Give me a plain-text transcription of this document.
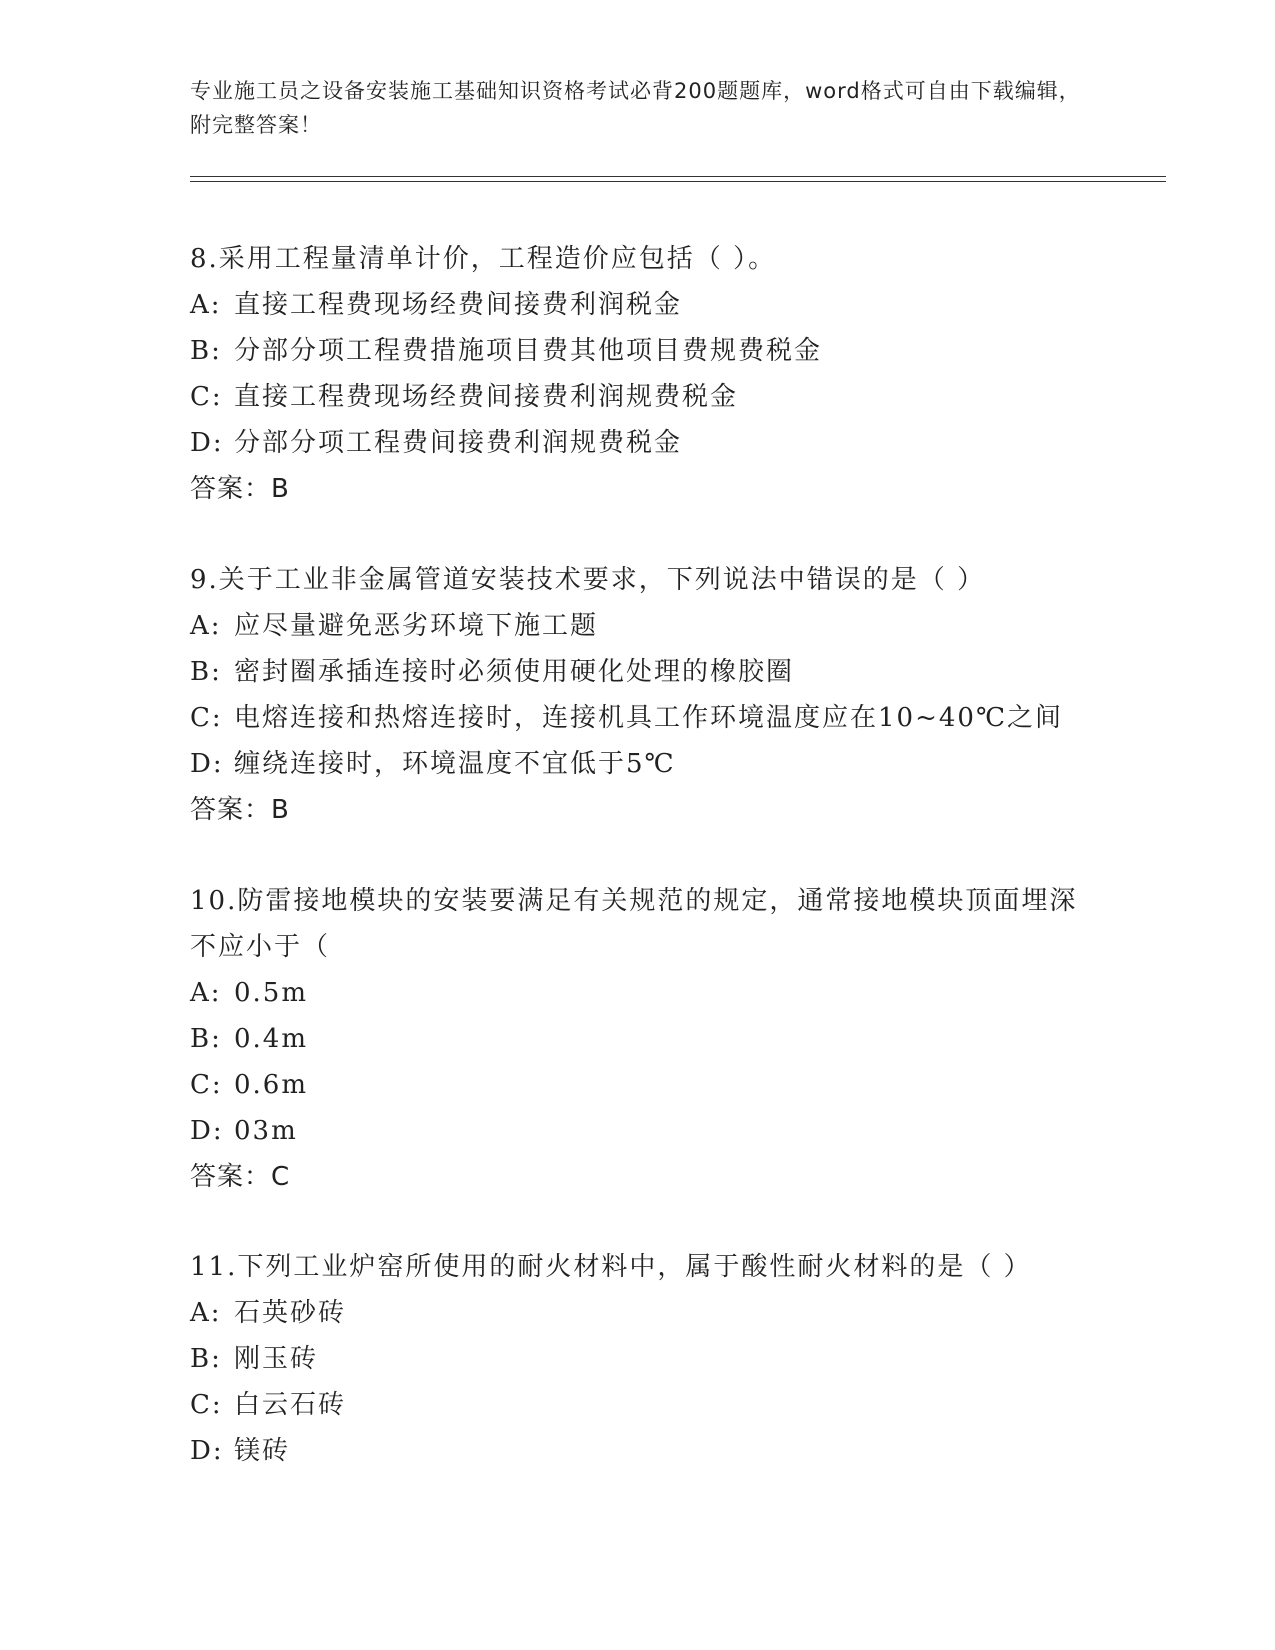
专业施工员之设备安装施工基础知识资格考试必背200题题库，word格式可自由下载编辑，附完整答案！
8.采用工程量清单计价，工程造价应包括（ ）。
A: 直接工程费现场经费间接费利润税金
B: 分部分项工程费措施项目费其他项目费规费税金
C: 直接工程费现场经费间接费利润规费税金
D: 分部分项工程费间接费利润规费税金
答案：B
9.关于工业非金属管道安装技术要求，下列说法中错误的是（ ）
A: 应尽量避免恶劣环境下施工题
B: 密封圈承插连接时必须使用硬化处理的橡胶圈
C: 电熔连接和热熔连接时，连接机具工作环境温度应在10~40℃之间
D: 缠绕连接时，环境温度不宜低于5℃
答案：B
10.防雷接地模块的安装要满足有关规范的规定，通常接地模块顶面埋深不应小于（
A: 0.5m
B: 0.4m
C: 0.6m
D: 03m
答案：C
11.下列工业炉窑所使用的耐火材料中，属于酸性耐火材料的是（ ）
A: 石英砂砖
B: 刚玉砖
C: 白云石砖
D: 镁砖
